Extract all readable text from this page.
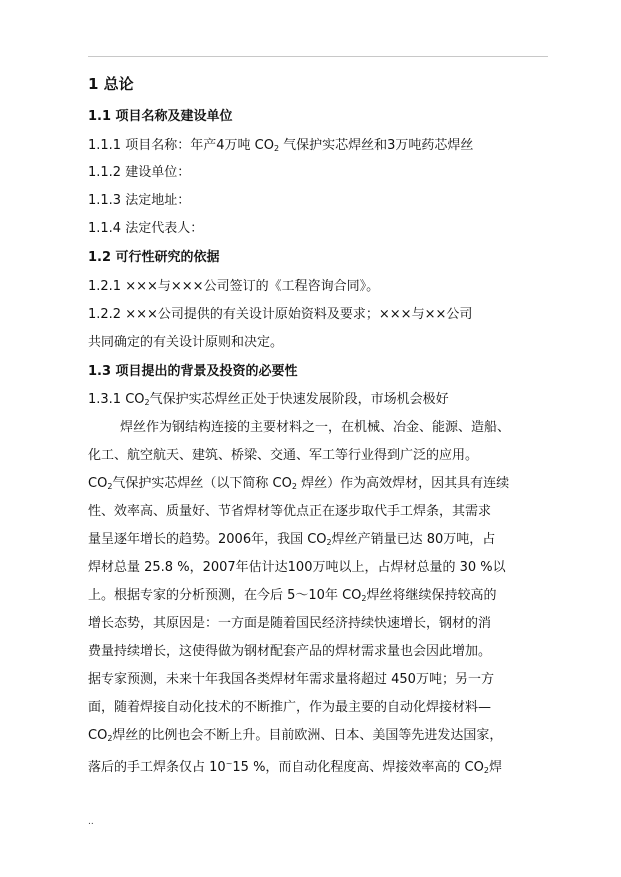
1 总论
1.1 项目名称及建设单位
1.1.1 项目名称：年产4万吨 $CO_2$ 气保护实芯焊丝和3万吨药芯焊丝
1.1.2 建设单位：
1.1.3 法定地址：
1.1.4 法定代表人：
1.2 可行性研究的依据
1.2.1 ×××与×××公司签订的《工程咨询合同》。
1.2.2 ×××公司提供的有关设计原始资料及要求；×××与××公司
共同确定的有关设计原则和决定。
1.3 项目提出的背景及投资的必要性
1.3.1 $CO_2$气保护实芯焊丝正处于快速发展阶段，市场机会极好
焊丝作为钢结构连接的主要材料之一，在机械、冶金、能源、造船、
化工、航空航天、建筑、桥梁、交通、军工等行业得到广泛的应用。
$CO_2$气保护实芯焊丝（以下简称 $CO_2$ 焊丝）作为高效焊材，因其具有连续
性、效率高、质量好、节省焊材等优点正在逐步取代手工焊条，其需求
量呈逐年增长的趋势。2006年，我国 $CO_2$焊丝产销量已达 80万吨，占
焊材总量 25.8 %，2007年估计达100万吨以上，占焊材总量的 30 %以
上。根据专家的分析预测，在今后 5～10年 $CO_2$焊丝将继续保持较高的
增长态势，其原因是：一方面是随着国民经济持续快速增长，钢材的消
费量持续增长，这使得做为钢材配套产品的焊材需求量也会因此增加。
据专家预测，未来十年我国各类焊材年需求量将超过 450万吨；另一方
面，随着焊接自动化技术的不断推广，作为最主要的自动化焊接材料—
$CO_2$焊丝的比例也会不断上升。目前欧洲、日本、美国等先进发达国家，
落后的手工焊条仅占 10~15 %，而自动化程度高、焊接效率高的 $CO_2$焊
..
